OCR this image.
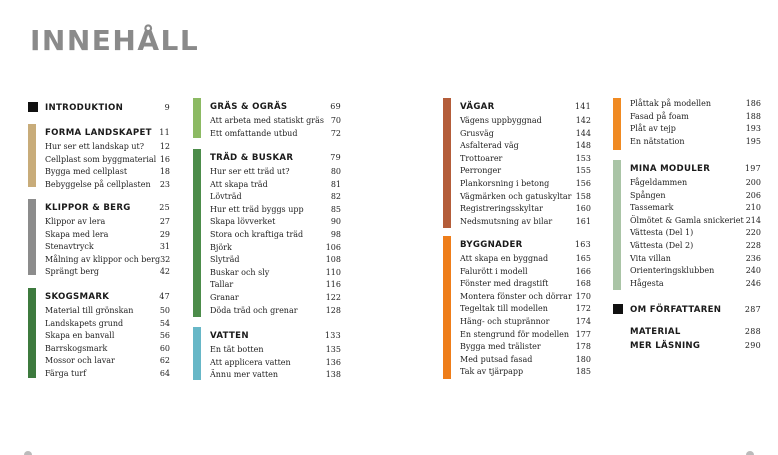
INNEHÅLL
INTRODUKTION	9
FORMA LANDSKAPET 11
Hur ser ett landskap ut? 12
Cellplast som byggmaterial 16
Bygga med cellplast	18
Bebyggelse på cellplasten 23
KLIPPOR & BERG	25
Klippor av lera	27
Skapa med lera	29
Stenavtryck	31
Målning av klippor och berg 32
Sprängt berg	42
SKOGSMARK	47
Material till grönskan	50
Landskapets grund	54
Skapa en banvall	56
Barrskogsmark	60
Mossor och lavar	62
Färga turf	64
GRÄS & OGRÄS	69
Att arbeta med statiskt gräs 70
Ett omfattande utbud	72
TRÄD & BUSKAR	79
Hur ser ett träd ut?	80
Att skapa träd	81
Lövträd	82
Hur ett träd byggs upp	85
Skapa lövverket	90
Stora och kraftiga träd	98
Björk	106
Slyträd	108
Buskar och sly	110
Tallar	116
Granar	122
Döda träd och grenar	128
VATTEN	133
En tät botten	135
Att applicera vatten	136
Ännu mer vatten	138
VÄGAR	141
Vägens uppbyggnad	142
Grusväg	144
Asfalterad väg	148
Trottoarer	153
Perronger	155
Plankorsning i betong	156
Vägmärken och gatuskyltar 158
Registreringsskyltar	160
Nedsmutsning av bilar	161
BYGGNADER	163
Att skapa en byggnad	165
Falurött i modell	166
Fönster med dragstift	168
Montera fönster och dörrar 170
Tegeltak till modellen	172
Häng- och stuprännor	174
En stengrund för modellen 177
Bygga med trälister	178
Med putsad fasad	180
Tak av tjärpapp	185
Plåttak på modellen	186
Fasad på foam	188
Plåt av tejp	193
En nätstation	195
MINA MODULER	197
Fågeldammen	200
Spången	206
Tassemark	210
Ölmötet & Gamla snickeriet 214
Vättesta (Del 1)	220
Vättesta (Del 2)	228
Vita villan	236
Orienteringsklubben	240
Hågesta	246
OM FÖRFATTAREN	287
MATERIAL	288
MER LÄSNING	290
